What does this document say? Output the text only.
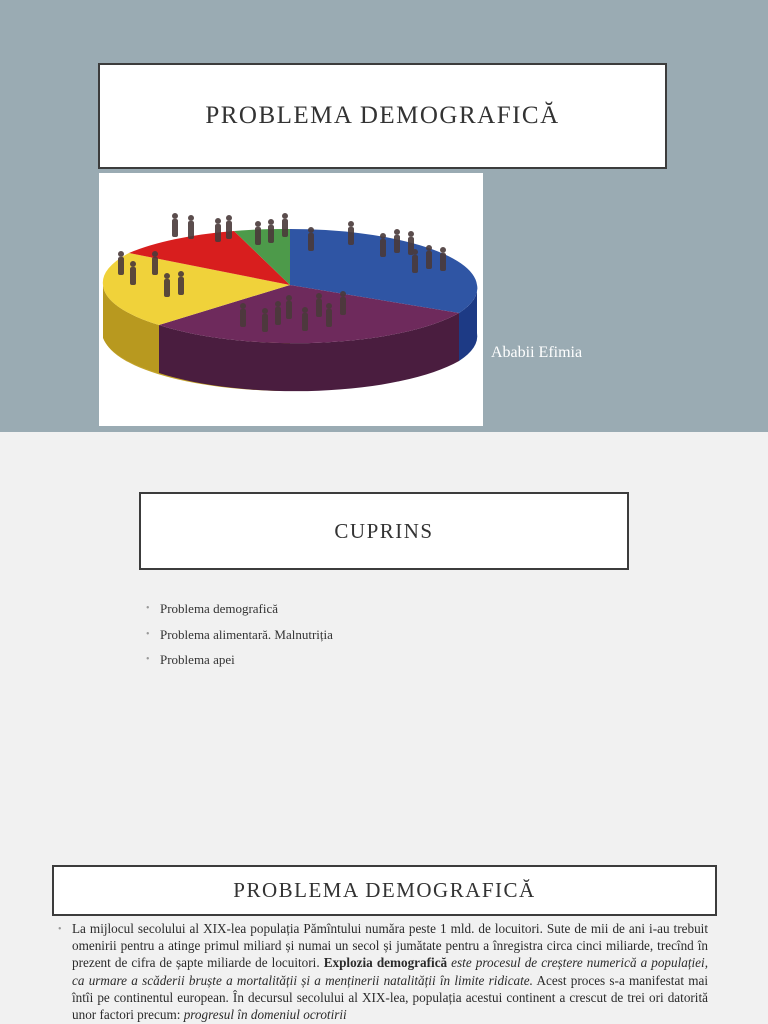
PROBLEMA DEMOGRAFICĂ
Ababii Efimia
CUPRINS
• Problema demografică
• Problema alimentară. Malnutriția
• Problema apei
PROBLEMA DEMOGRAFICĂ
• La mijlocul secolului al XIX-lea populația Pămîntului număra peste 1 mld. de locuitori. Sute de mii de ani i-au trebuit omenirii pentru a atinge primul miliard și numai un secol și jumătate pentru a înregistra circa cinci miliarde, trecînd în prezent de cifra de șapte miliarde de locuitori. Explozia demografică este procesul de creștere numerică a populației, ca urmare a scăderii bruște a mortalității și a menținerii natalității în limite ridicate. Acest proces s-a manifestat mai întîi pe continentul european. În decursul secolului al XIX-lea, populația acestui continent a crescut de trei ori datorită unor factori precum: progresul în domeniul ocrotirii
